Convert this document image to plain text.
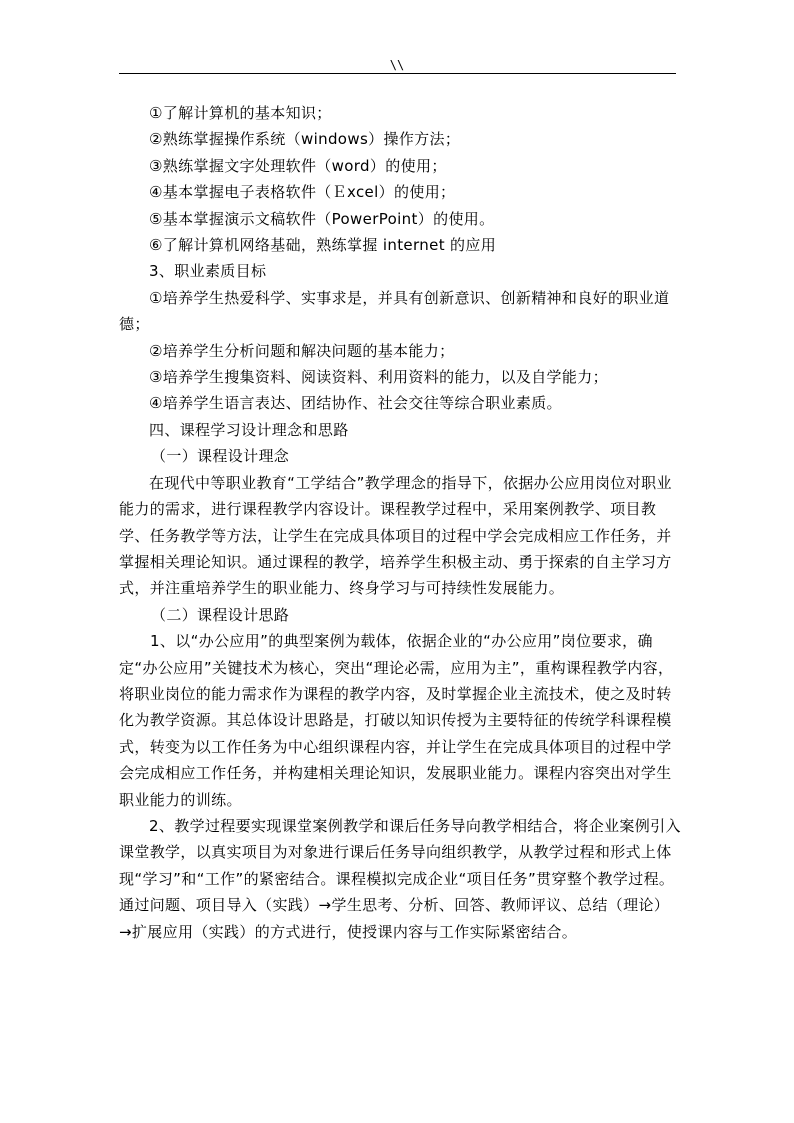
\\

①了解计算机的基本知识；

②熟练掌握操作系统（windows）操作方法；

③熟练掌握文字处理软件（word）的使用；

④基本掌握电子表格软件（Ｅxcel）的使用；

⑤基本掌握演示文稿软件（PowerPoint）的使用。

⑥了解计算机网络基础，熟练掌握 internet 的应用

3、职业素质目标

①培养学生热爱科学、实事求是，并具有创新意识、创新精神和良好的职业道德；

②培养学生分析问题和解决问题的基本能力；

③培养学生搜集资料、阅读资料、利用资料的能力，以及自学能力；

④培养学生语言表达、团结协作、社会交往等综合职业素质。

四、课程学习设计理念和思路

（一）课程设计理念

在现代中等职业教育“工学结合”教学理念的指导下，依据办公应用岗位对职业能力的需求，进行课程教学内容设计。课程教学过程中，采用案例教学、项目教学、任务教学等方法，让学生在完成具体项目的过程中学会完成相应工作任务，并掌握相关理论知识。通过课程的教学，培养学生积极主动、勇于探索的自主学习方式，并注重培养学生的职业能力、终身学习与可持续性发展能力。

（二）课程设计思路

1、以“办公应用”的典型案例为载体，依据企业的“办公应用”岗位要求，确定“办公应用”关键技术为核心，突出“理论必需，应用为主”，重构课程教学内容，将职业岗位的能力需求作为课程的教学内容，及时掌握企业主流技术，使之及时转化为教学资源。其总体设计思路是，打破以知识传授为主要特征的传统学科课程模式，转变为以工作任务为中心组织课程内容，并让学生在完成具体项目的过程中学会完成相应工作任务，并构建相关理论知识，发展职业能力。课程内容突出对学生职业能力的训练。

2、教学过程要实现课堂案例教学和课后任务导向教学相结合，将企业案例引入课堂教学，以真实项目为对象进行课后任务导向组织教学，从教学过程和形式上体现“学习”和“工作”的紧密结合。课程模拟完成企业“项目任务”贯穿整个教学过程。通过问题、项目导入（实践）→学生思考、分析、回答、教师评议、总结（理论）→扩展应用（实践）的方式进行，使授课内容与工作实际紧密结合。
